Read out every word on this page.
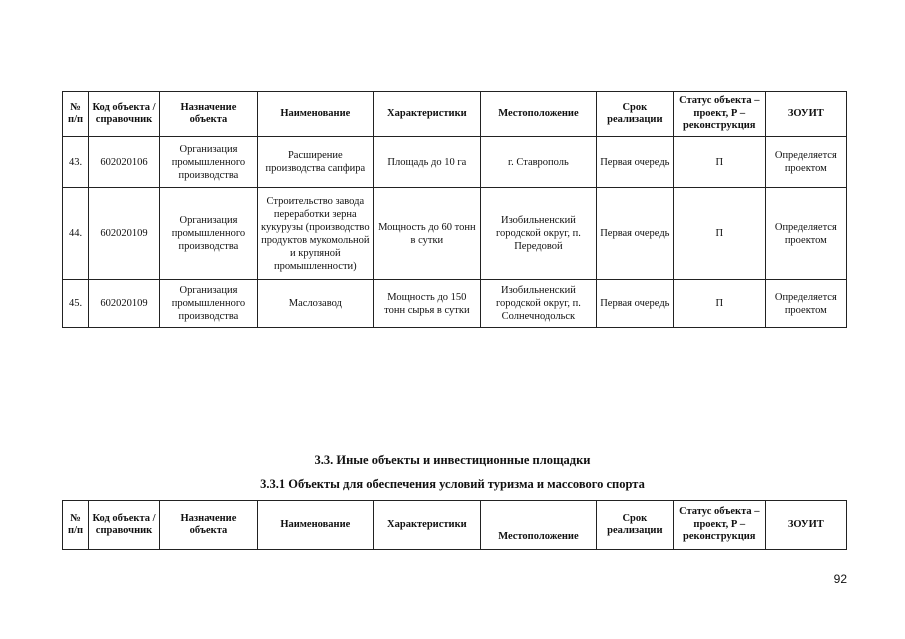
№ п/п	Код объекта / справочник	Назначение объекта	Наименование	Характеристики	Местоположение	Срок реализации	Статус объекта – проект, Р – реконструкция	ЗОУИТ
43.	602020106	Организация промышленного производства	Расширение производства сапфира	Площадь до 10 га	г. Ставрополь	Первая очередь	П	Определяется проектом
44.	602020109	Организация промышленного производства	Строительство завода переработки зерна кукурузы (производство продуктов мукомольной и крупяной промышленности)	Мощность до 60 тонн в сутки	Изобильненский городской округ, п. Передовой	Первая очередь	П	Определяется проектом
45.	602020109	Организация промышленного производства	Маслозавод	Мощность до 150 тонн сырья в сутки	Изобильненский городской округ, п. Солнечнодольск	Первая очередь	П	Определяется проектом
3.3. Иные объекты и инвестиционные площадки
3.3.1 Объекты для обеспечения условий туризма и массового спорта
№ п/п	Код объекта / справочник	Назначение объекта	Наименование	Характеристики	Местоположение	Срок реализации	Статус объекта – проект, Р – реконструкция	ЗОУИТ
92
